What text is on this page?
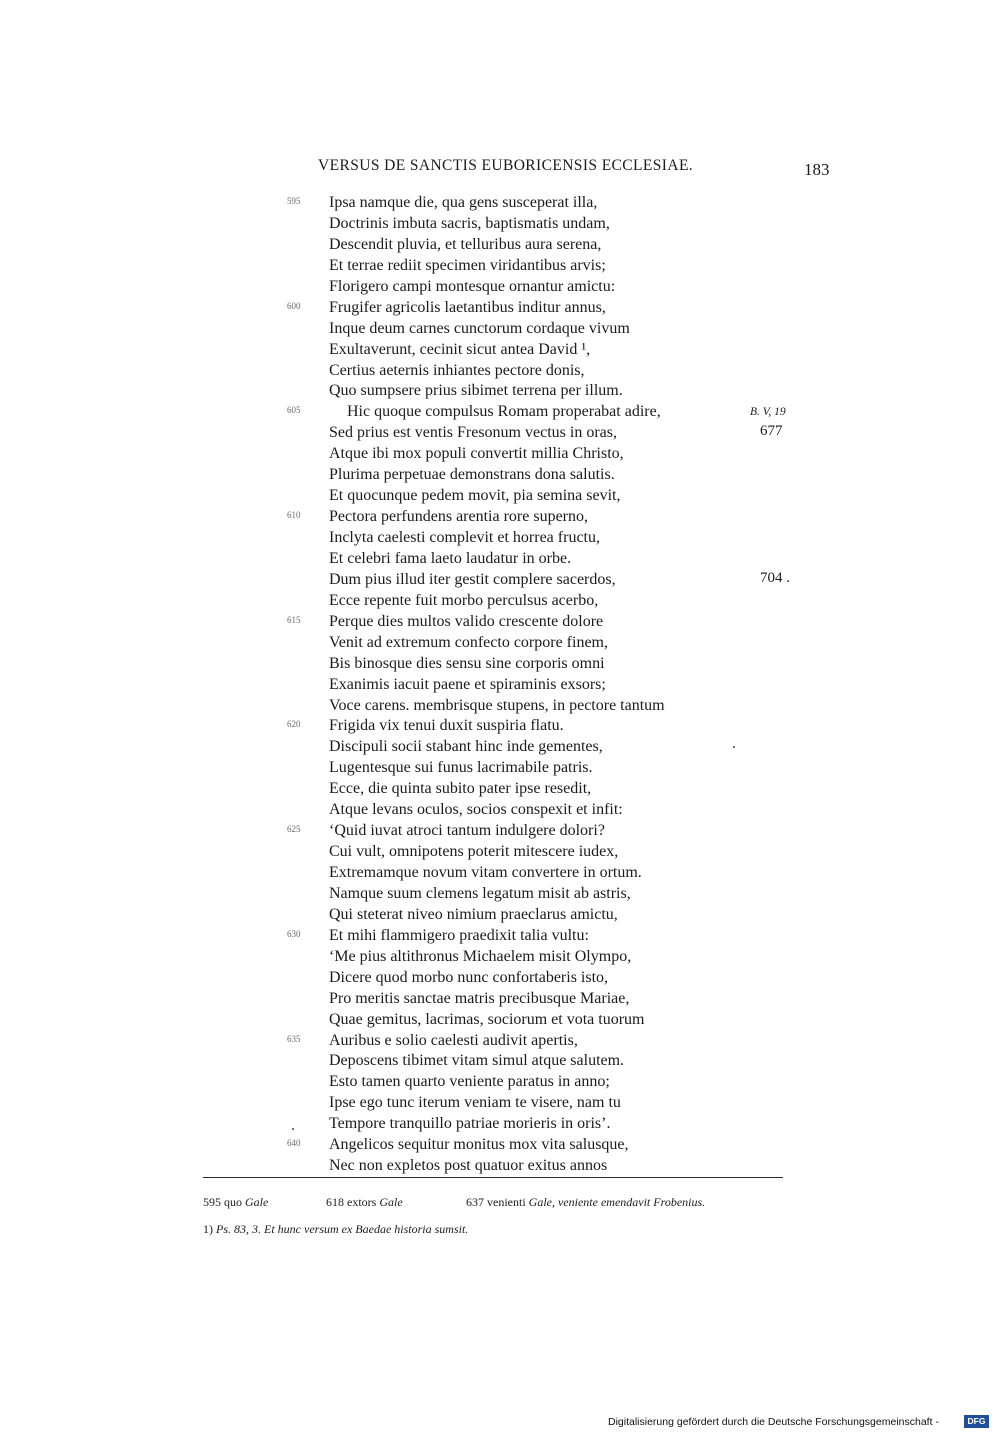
VERSUS DE SANCTIS EUBORICENSIS ECCLESIAE.	183
595 Ipsa namque die, qua gens susceperat illa,
Doctrinis imbuta sacris, baptismatis undam,
Descendit pluvia, et telluribus aura serena,
Et terrae rediit specimen viridantibus arvis;
Florigero campi montesque ornantur amictu:
600 Frugifer agricolis laetantibus inditur annus,
Inque deum carnes cunctorum cordaque vivum
Exultaverunt, cecinit sicut antea David ¹,
Certius aeternis inhiantes pectore donis,
Quo sumpsere prius sibimet terrena per illum.
605	Hic quoque compulsus Romam properabat adire,	B. V, 19
Sed prius est ventis Fresonum vectus in oras,	677
Atque ibi mox populi convertit millia Christo,
Plurima perpetuae demonstrans dona salutis.
Et quocunque pedem movit, pia semina sevit,
610 Pectora perfundens arentia rore superno,
Inclyta caelesti complevit et horrea fructu,
Et celebri fama laeto laudatur in orbe.
Dum pius illud iter gestit complere sacerdos,	704 .
Ecce repente fuit morbo perculsus acerbo,
615 Perque dies multos valido crescente dolore
Venit ad extremum confecto corpore finem,
Bis binosque dies sensu sine corporis omni
Exanimis iacuit paene et spiraminis exsors;
Voce carens. membrisque stupens, in pectore tantum
620 Frigida vix tenui duxit suspiria flatu.
Discipuli socii stabant hinc inde gementes,
Lugentesque sui funus lacrimabile patris.
Ecce, die quinta subito pater ipse resedit,
Atque levans oculos, socios conspexit et infit:
625 ‘Quid iuvat atroci tantum indulgere dolori?
Cui vult, omnipotens poterit mitescere iudex,
Extremamque novum vitam convertere in ortum.
Namque suum clemens legatum misit ab astris,
Qui steterat niveo nimium praeclarus amictu,
630 Et mihi flammigero praedixit talia vultu:
‘Me pius altithronus Michaelem misit Olympo,
Dicere quod morbo nunc confortaberis isto,
Pro meritis sanctae matris precibusque Mariae,
Quae gemitus, lacrimas, sociorum et vota tuorum
635 Auribus e solio caelesti audivit apertis,
Deposcens tibimet vitam simul atque salutem.
Esto tamen quarto veniente paratus in anno;
Ipse ego tunc iterum veniam te visere, nam tu
Tempore tranquillo patriae morieris in oris’.
640 Angelicos sequitur monitus mox vita salusque,
Nec non expletos post quatuor exitus annos
595 quo Gale	618 extors Gale	637 venienti Gale, veniente emendavit Frobenius.
1) Ps. 83, 3. Et hunc versum ex Baedae historia sumsit.
Digitalisierung gefördert durch die Deutsche Forschungsgemeinschaft -	DFG
